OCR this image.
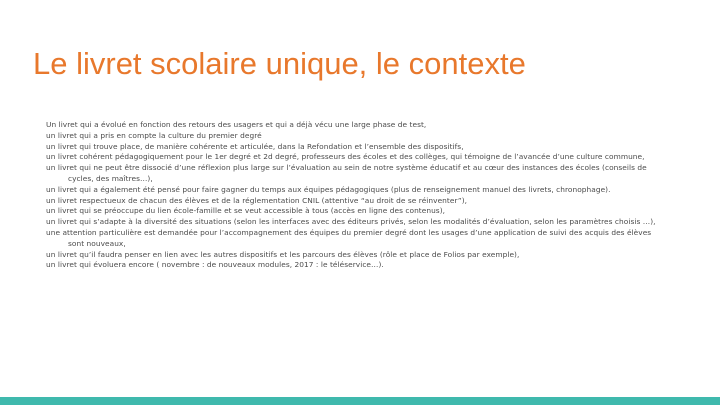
Le livret scolaire unique, le contexte
Un livret qui a évolué en fonction des retours des usagers et qui a déjà vécu une large phase de test,
un livret qui a pris en compte la culture du premier degré
un livret qui trouve place, de manière cohérente et articulée, dans la Refondation et l’ensemble des dispositifs,
un livret cohérent pédagogiquement pour le 1er degré et 2d degré, professeurs des écoles et des collèges, qui témoigne de l’avancée d’une culture commune,
un livret qui ne peut être dissocié d’une réflexion plus large sur l’évaluation au sein de notre système éducatif et au cœur des instances des écoles (conseils de
cycles, des maîtres…),
un livret qui a également été pensé pour faire gagner du temps aux équipes pédagogiques (plus de renseignement manuel des livrets, chronophage).
un livret respectueux de chacun des élèves et de la réglementation CNIL (attentive “au droit de se réinventer”),
un livret qui se préoccupe du lien école-famille et se veut accessible à tous (accès en ligne des contenus),
un livret qui s’adapte à la diversité des situations (selon les interfaces avec des éditeurs privés, selon les modalités d’évaluation, selon les paramètres choisis …),
une attention particulière est demandée pour l’accompagnement des équipes du premier degré dont les usages d’une application de suivi des acquis des élèves
sont nouveaux,
un livret qu’il faudra penser en lien avec les autres dispositifs et les parcours des élèves (rôle et place de Folios par exemple),
un livret qui évoluera encore ( novembre : de nouveaux modules, 2017 : le téléservice…).
